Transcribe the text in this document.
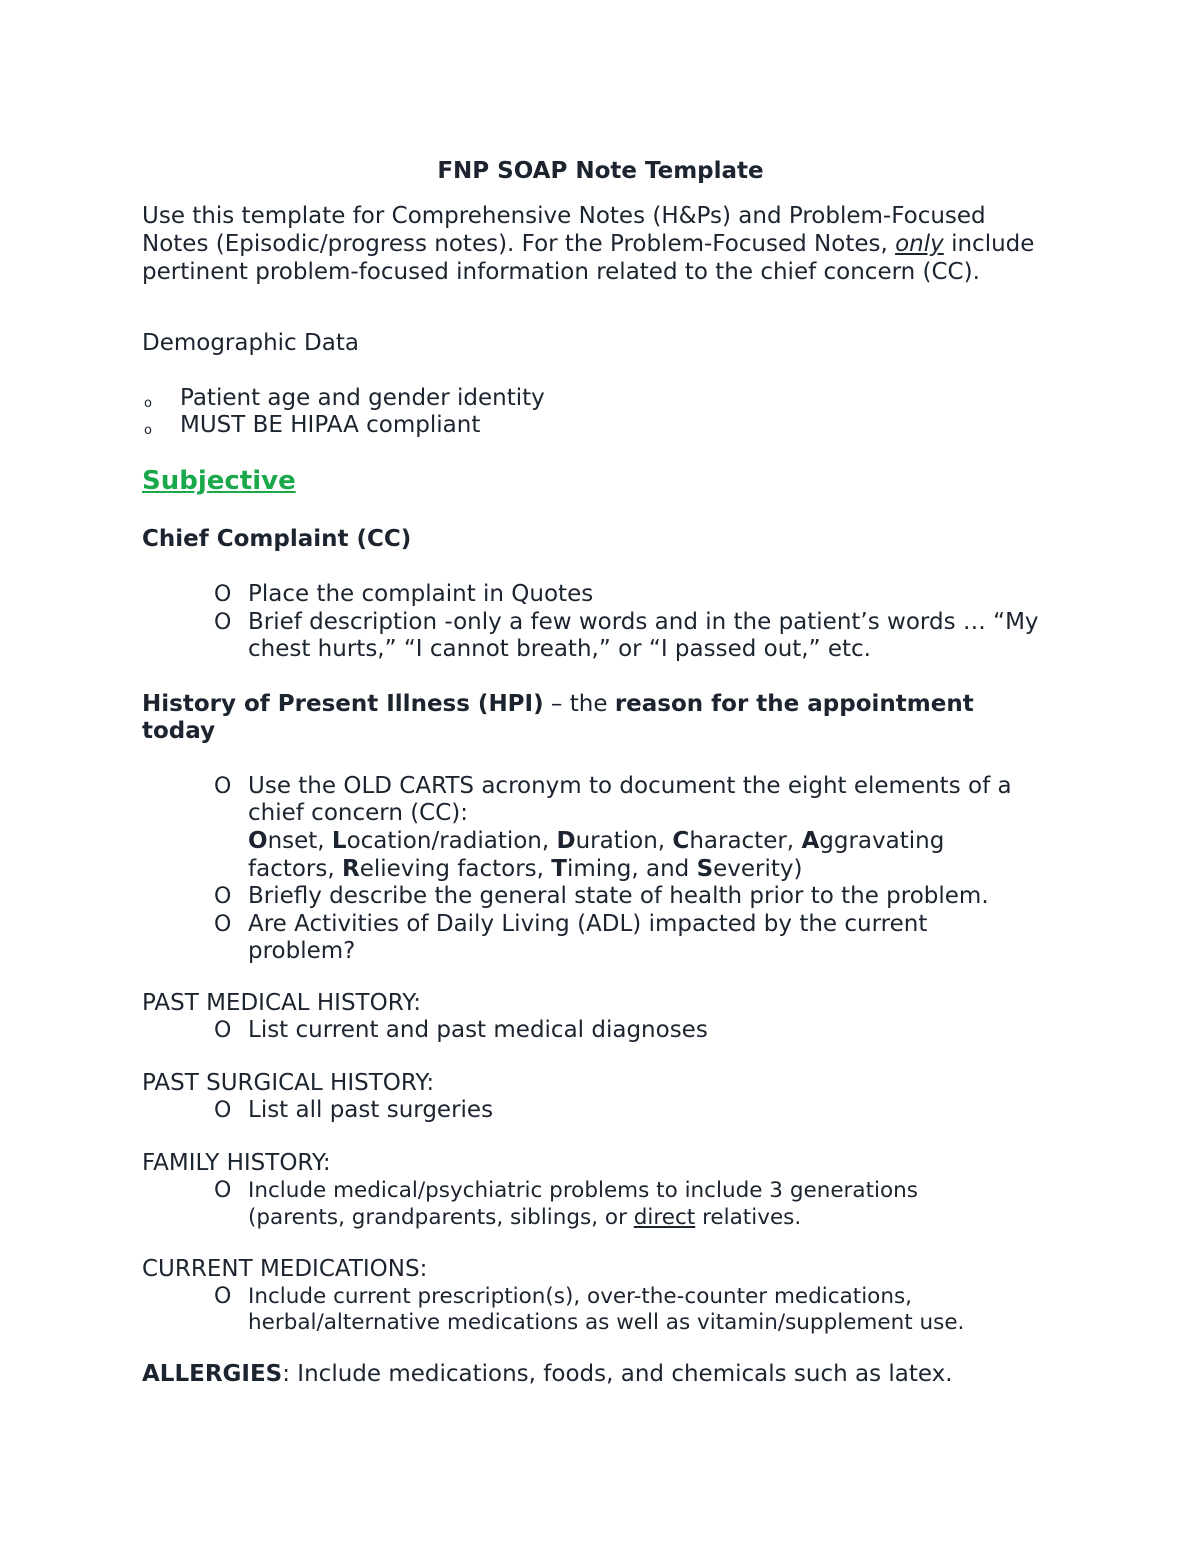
FNP SOAP Note Template
Use this template for Comprehensive Notes (H&Ps) and Problem-Focused
Notes (Episodic/progress notes). For the Problem-Focused Notes, only include
pertinent problem-focused information related to the chief concern (CC).
Demographic Data
o Patient age and gender identity
o MUST BE HIPAA compliant
Subjective
Chief Complaint (CC)
O Place the complaint in Quotes
O Brief description -only a few words and in the patient’s words … “My
chest hurts,” “I cannot breath,” or “I passed out,” etc.
History of Present Illness (HPI) – the reason for the appointment
today
O Use the OLD CARTS acronym to document the eight elements of a
chief concern (CC):
Onset, Location/radiation, Duration, Character, Aggravating
factors, Relieving factors, Timing, and Severity)
O Briefly describe the general state of health prior to the problem.
O Are Activities of Daily Living (ADL) impacted by the current
problem?
PAST MEDICAL HISTORY:
O List current and past medical diagnoses
PAST SURGICAL HISTORY:
O List all past surgeries
FAMILY HISTORY:
O Include medical/psychiatric problems to include 3 generations
(parents, grandparents, siblings, or direct relatives.
CURRENT MEDICATIONS:
O Include current prescription(s), over-the-counter medications,
herbal/alternative medications as well as vitamin/supplement use.
ALLERGIES: Include medications, foods, and chemicals such as latex.
